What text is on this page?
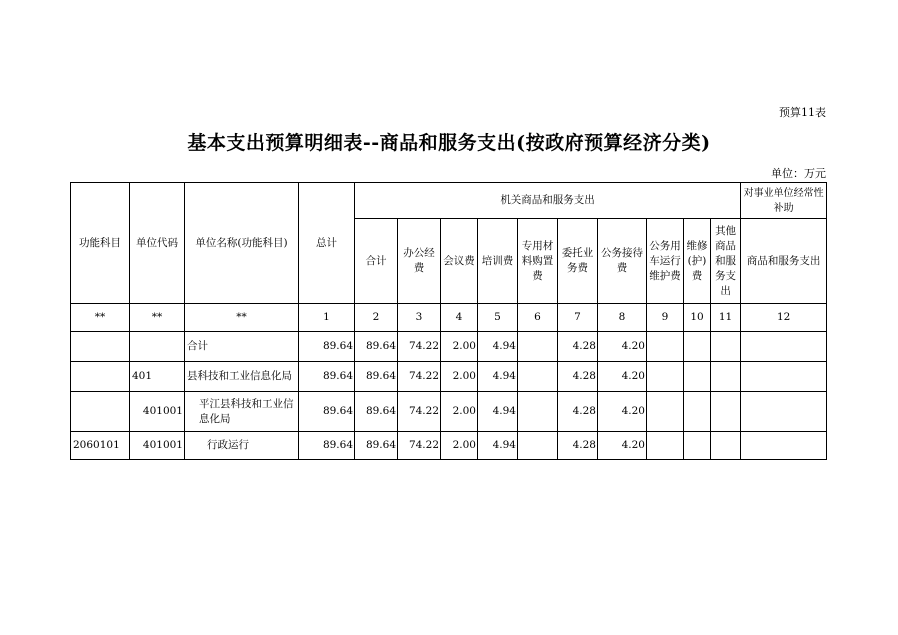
预算11表
基本支出预算明细表--商品和服务支出(按政府预算经济分类)
单位：万元
功能科目	单位代码	单位名称(功能科目)	总计	机关商品和服务支出										对事业单位经常性补助

				合计	办公经费	会议费	培训费	专用材料购置费	委托业务费	公务接待费	公务用车运行维护费	维修(护)费	其他商品和服务支出	商品和服务支出
**	**	**	1	2	3	4	5	6	7	8	9	10	11	12
		合计	89.64	89.64	74.22	2.00	4.94		4.28	4.20				
	401	县科技和工业信息化局	89.64	89.64	74.22	2.00	4.94		4.28	4.20				
	401001	平江县科技和工业信息化局	89.64	89.64	74.22	2.00	4.94		4.28	4.20				
2060101	401001	行政运行	89.64	89.64	74.22	2.00	4.94		4.28	4.20				
